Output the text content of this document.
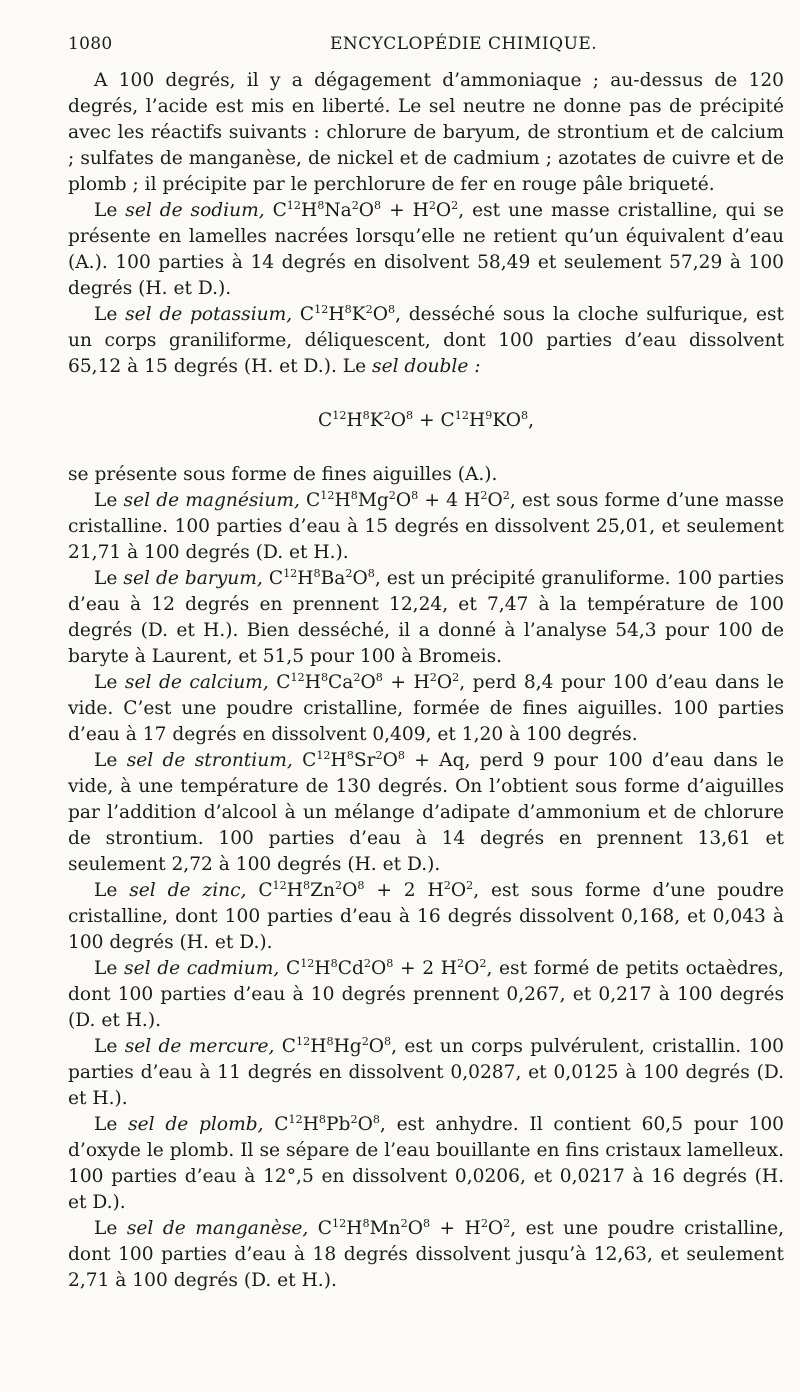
1080	ENCYCLOPÉDIE CHIMIQUE.

A 100 degrés, il y a dégagement d’ammoniaque ; au-dessus de 120 degrés, l’acide est mis en liberté. Le sel neutre ne donne pas de précipité avec les réactifs suivants : chlorure de baryum, de strontium et de calcium ; sulfates de manganèse, de nickel et de cadmium ; azotates de cuivre et de plomb ; il précipite par le perchlorure de fer en rouge pâle briqueté.

Le sel de sodium, $C^{12}H^8Na^2O^8 + H^2O^2$, est une masse cristalline, qui se présente en lamelles nacrées lorsqu’elle ne retient qu’un équivalent d’eau (A.). 100 parties à 14 degrés en disolvent 58,49 et seulement 57,29 à 100 degrés (H. et D.).

Le sel de potassium, $C^{12}H^8K^2O^8$, desséché sous la cloche sulfurique, est un corps graniliforme, déliquescent, dont 100 parties d’eau dissolvent 65,12 à 15 degrés (H. et D.). Le sel double :

$C^{12}H^8K^2O^8 + C^{12}H^9KO^8$,

se présente sous forme de fines aiguilles (A.).

Le sel de magnésium, $C^{12}H^8Mg^2O^8 + 4$ $H^2O^2$, est sous forme d’une masse cristalline. 100 parties d’eau à 15 degrés en dissolvent 25,01, et seulement 21,71 à 100 degrés (D. et H.).

Le sel de baryum, $C^{12}H^8Ba^2O^8$, est un précipité granuliforme. 100 parties d’eau à 12 degrés en prennent 12,24, et 7,47 à la température de 100 degrés (D. et H.). Bien desséché, il a donné à l’analyse 54,3 pour 100 de baryte à Laurent, et 51,5 pour 100 à Bromeis.

Le sel de calcium, $C^{12}H^8Ca^2O^8 + H^2O^2$, perd 8,4 pour 100 d’eau dans le vide. C’est une poudre cristalline, formée de fines aiguilles. 100 parties d’eau à 17 degrés en dissolvent 0,409, et 1,20 à 100 degrés.

Le sel de strontium, $C^{12}H^8Sr^2O^8 + Aq$, perd 9 pour 100 d’eau dans le vide, à une température de 130 degrés. On l’obtient sous forme d’aiguilles par l’addition d’alcool à un mélange d’adipate d’ammonium et de chlorure de strontium. 100 parties d’eau à 14 degrés en prennent 13,61 et seulement 2,72 à 100 degrés (H. et D.).

Le sel de zinc, $C^{12}H^8Zn^2O^8 + 2$ $H^2O^2$, est sous forme d’une poudre cristalline, dont 100 parties d’eau à 16 degrés dissolvent 0,168, et 0,043 à 100 degrés (H. et D.).

Le sel de cadmium, $C^{12}H^8Cd^2O^8 + 2$ $H^2O^2$, est formé de petits octaèdres, dont 100 parties d’eau à 10 degrés prennent 0,267, et 0,217 à 100 degrés (D. et H.).

Le sel de mercure, $C^{12}H^8Hg^2O^8$, est un corps pulvérulent, cristallin. 100 parties d’eau à 11 degrés en dissolvent 0,0287, et 0,0125 à 100 degrés (D. et H.).

Le sel de plomb, $C^{12}H^8Pb^2O^8$, est anhydre. Il contient 60,5 pour 100 d’oxyde le plomb. Il se sépare de l’eau bouillante en fins cristaux lamelleux. 100 parties d’eau à 12°,5 en dissolvent 0,0206, et 0,0217 à 16 degrés (H. et D.).

Le sel de manganèse, $C^{12}H^8Mn^2O^8 + H^2O^2$, est une poudre cristalline, dont 100 parties d’eau à 18 degrés dissolvent jusqu’à 12,63, et seulement 2,71 à 100 degrés (D. et H.).
